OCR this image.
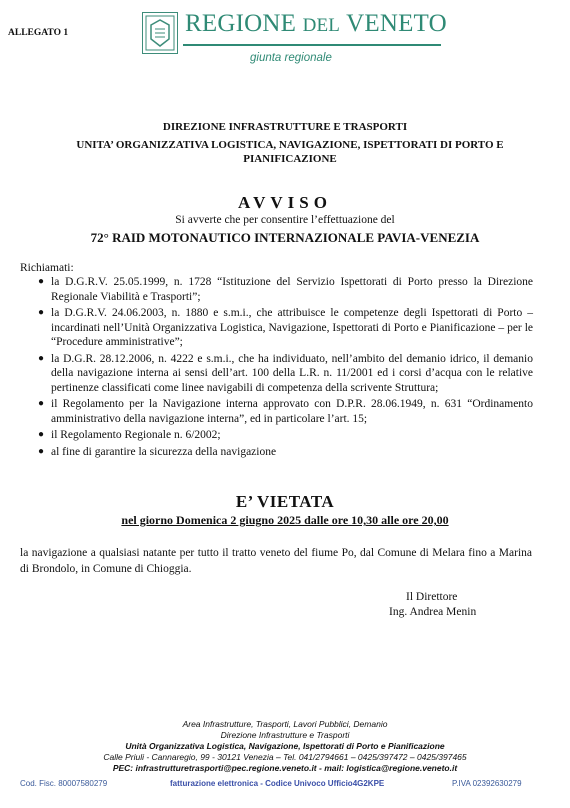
ALLEGATO 1	REGIONE DEL VENETO
giunta regionale
DIREZIONE INFRASTRUTTURE E TRASPORTI
UNITA’ ORGANIZZATIVA LOGISTICA, NAVIGAZIONE, ISPETTORATI DI PORTO E PIANIFICAZIONE
AVVISO
Si avverte che per consentire l’effettuazione del
72° RAID MOTONAUTICO INTERNAZIONALE PAVIA-VENEZIA
Richiamati:
● la D.G.R.V. 25.05.1999, n. 1728 “Istituzione del Servizio Ispettorati di Porto presso la Direzione Regionale Viabilità e Trasporti”;
● la D.G.R.V. 24.06.2003, n. 1880 e s.m.i., che attribuisce le competenze degli Ispettorati di Porto – incardinati nell’Unità Organizzativa Logistica, Navigazione, Ispettorati di Porto e Pianificazione – per le “Procedure amministrative”;
● la D.G.R. 28.12.2006, n. 4222 e s.m.i., che ha individuato, nell’ambito del demanio idrico, il demanio della navigazione interna ai sensi dell’art. 100 della L.R. n. 11/2001 ed i corsi d’acqua con le relative pertinenze classificati come linee navigabili di competenza della scrivente Struttura;
● il Regolamento per la Navigazione interna approvato con D.P.R. 28.06.1949, n. 631 “Ordinamento amministrativo della navigazione interna”, ed in particolare l’art. 15;
● il Regolamento Regionale n. 6/2002;
● al fine di garantire la sicurezza della navigazione
E’ VIETATA
nel giorno Domenica 2 giugno 2025 dalle ore 10,30 alle ore 20,00
la navigazione a qualsiasi natante per tutto il tratto veneto del fiume Po, dal Comune di Melara fino a Marina di Brondolo, in Comune di Chioggia.
Il Direttore
Ing. Andrea Menin
Area Infrastrutture, Trasporti, Lavori Pubblici, Demanio
Direzione Infrastrutture e Trasporti
Unità Organizzativa Logistica, Navigazione, Ispettorati di Porto e Pianificazione
Calle Priuli - Cannaregio, 99 - 30121 Venezia – Tel. 041/2794661 – 0425/397472 – 0425/397465
PEC: infrastrutturetrasporti@pec.regione.veneto.it - mail: logistica@regione.veneto.it
Cod. Fisc. 80007580279	fatturazione elettronica - Codice Univoco Ufficio4G2KPE	P.IVA 02392630279
